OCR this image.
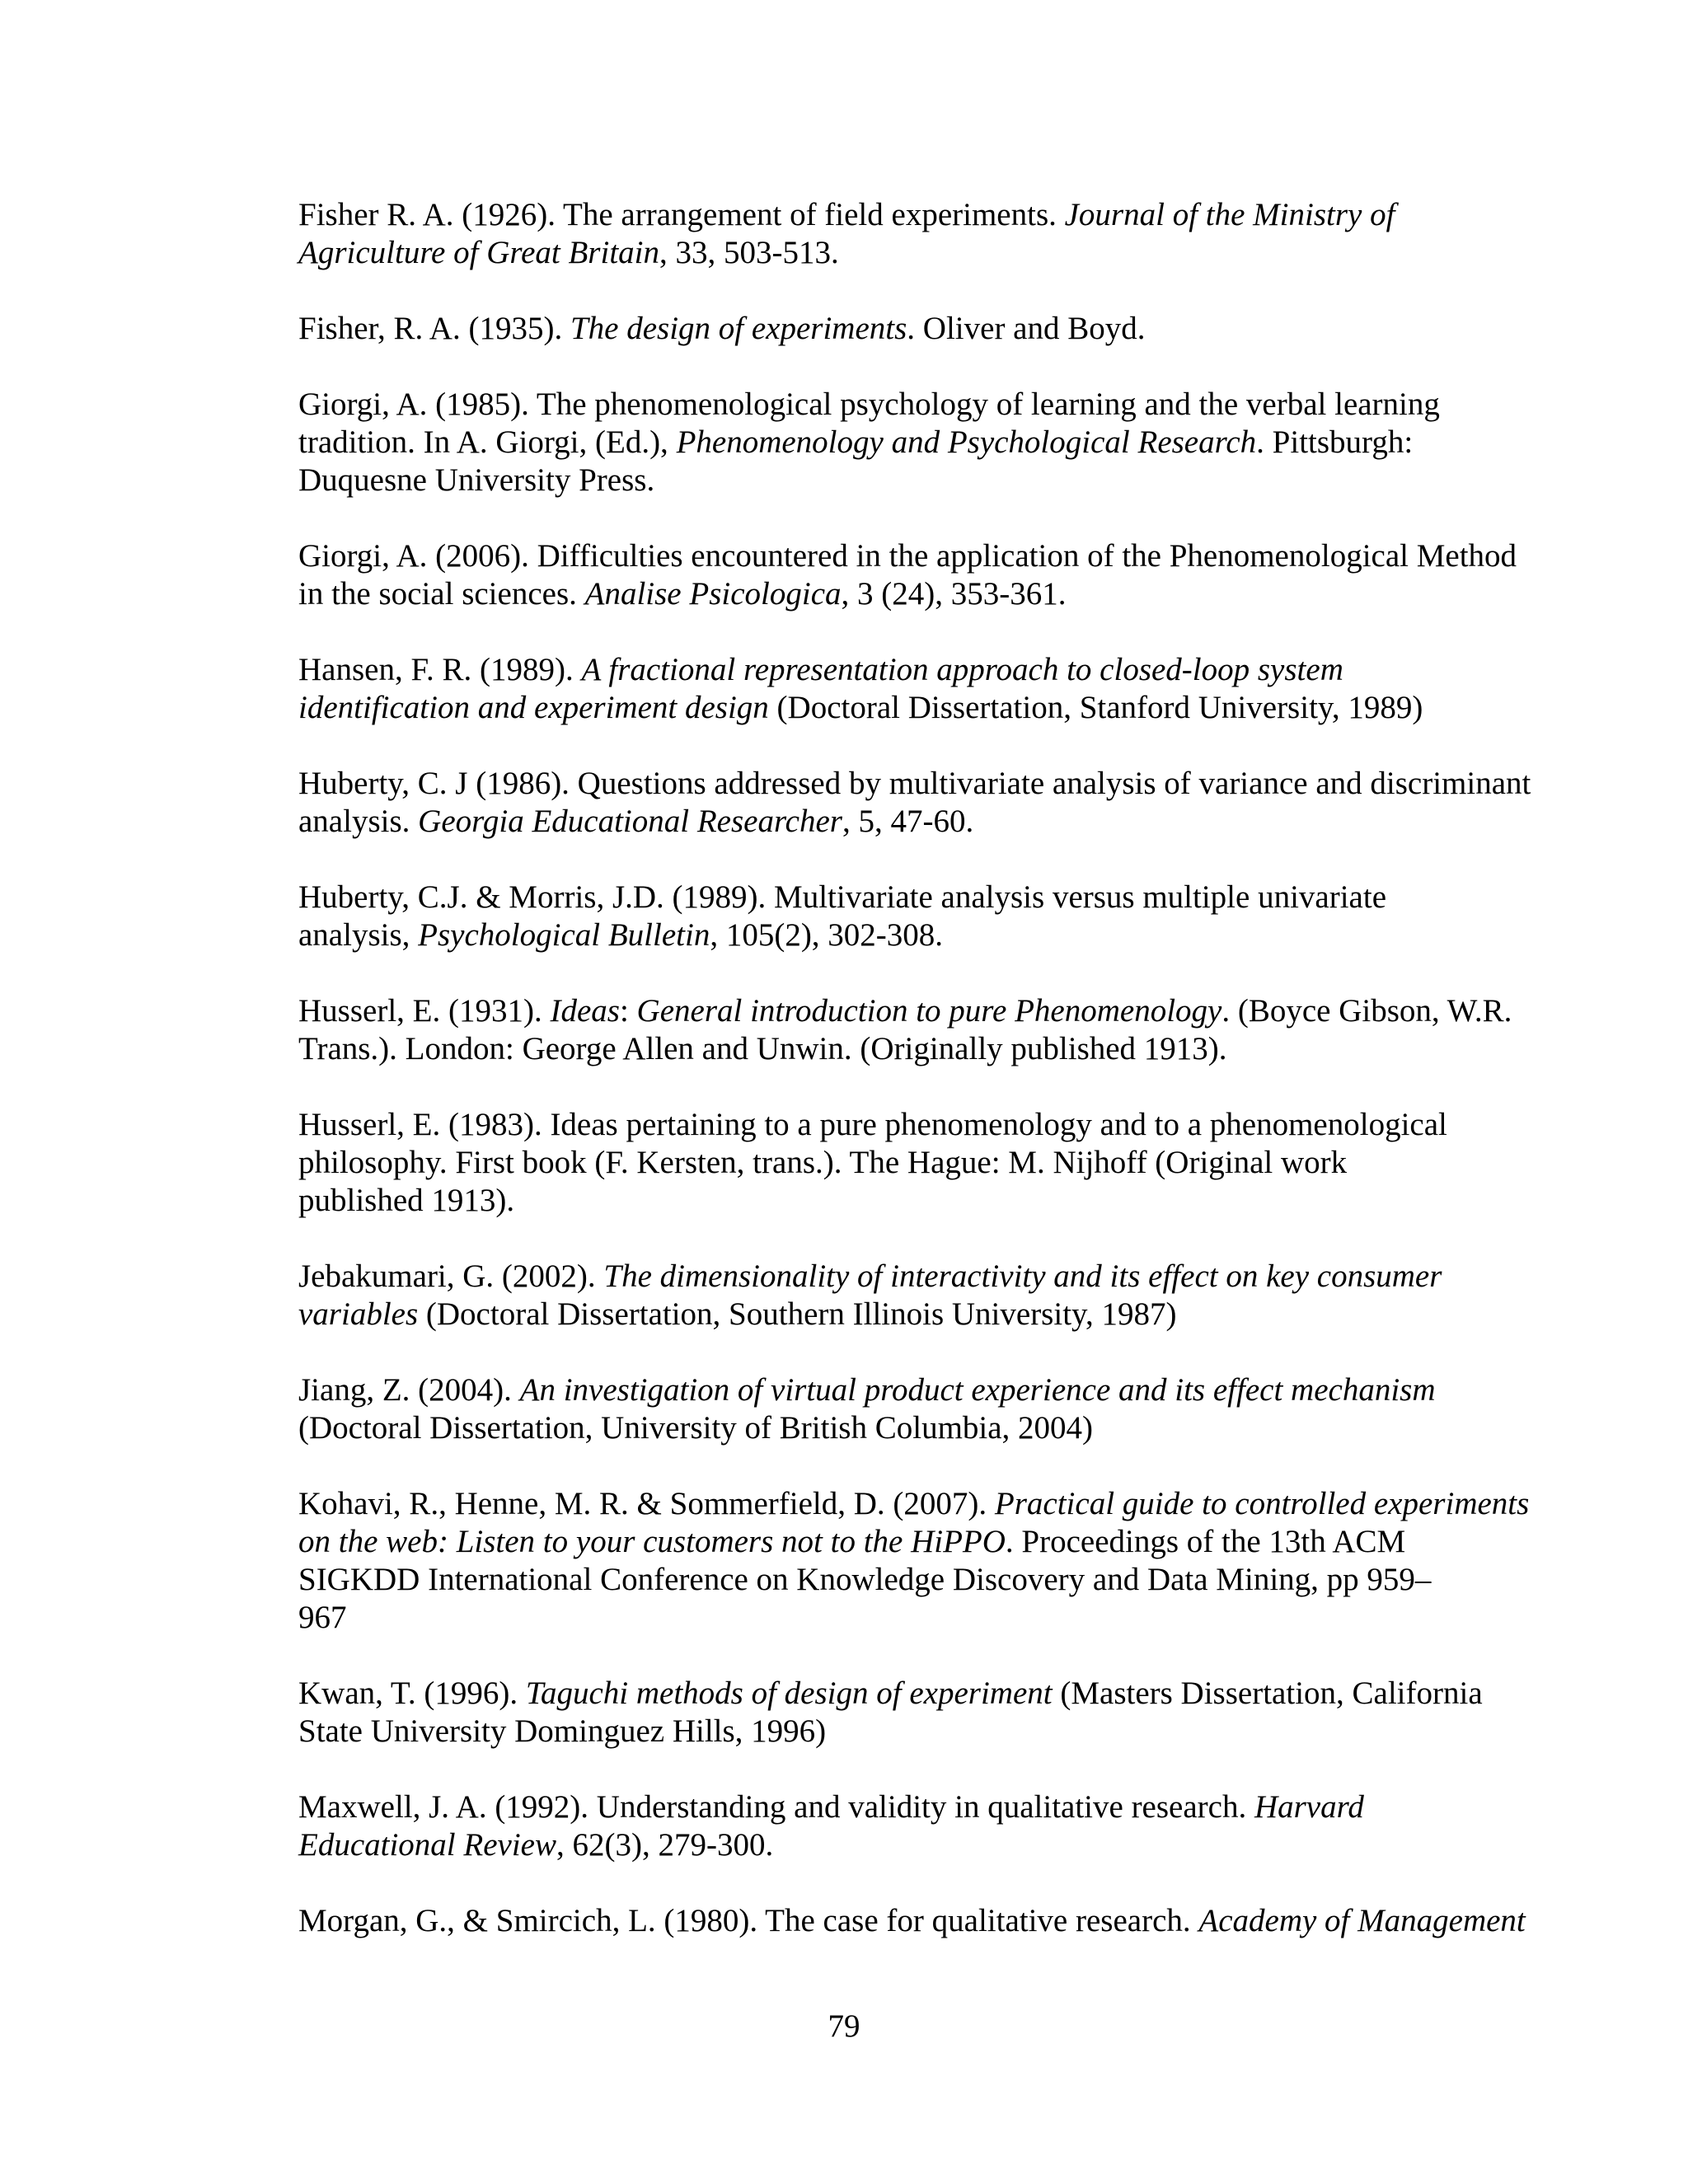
Fisher R. A. (1926). The arrangement of field experiments. Journal of the Ministry of
Agriculture of Great Britain, 33, 503-513.
Fisher, R. A. (1935). The design of experiments. Oliver and Boyd.
Giorgi, A. (1985). The phenomenological psychology of learning and the verbal learning
tradition. In A. Giorgi, (Ed.), Phenomenology and Psychological Research. Pittsburgh:
Duquesne University Press.
Giorgi, A. (2006). Difficulties encountered in the application of the Phenomenological Method
in the social sciences. Analise Psicologica, 3 (24), 353-361.
Hansen, F. R. (1989). A fractional representation approach to closed-loop system
identification and experiment design (Doctoral Dissertation, Stanford University, 1989)
Huberty, C. J (1986). Questions addressed by multivariate analysis of variance and discriminant
analysis. Georgia Educational Researcher, 5, 47-60.
Huberty, C.J. & Morris, J.D. (1989). Multivariate analysis versus multiple univariate
analysis, Psychological Bulletin, 105(2), 302-308.
Husserl, E. (1931). Ideas: General introduction to pure Phenomenology. (Boyce Gibson, W.R.
Trans.). London: George Allen and Unwin. (Originally published 1913).
Husserl, E. (1983). Ideas pertaining to a pure phenomenology and to a phenomenological
philosophy. First book (F. Kersten, trans.). The Hague: M. Nijhoff (Original work
published 1913).
Jebakumari, G. (2002). The dimensionality of interactivity and its effect on key consumer
variables (Doctoral Dissertation, Southern Illinois University, 1987)
Jiang, Z. (2004). An investigation of virtual product experience and its effect mechanism
(Doctoral Dissertation, University of British Columbia, 2004)
Kohavi, R., Henne, M. R. & Sommerfield, D. (2007). Practical guide to controlled experiments
on the web: Listen to your customers not to the HiPPO. Proceedings of the 13th ACM
SIGKDD International Conference on Knowledge Discovery and Data Mining, pp 959–
967
Kwan, T. (1996). Taguchi methods of design of experiment (Masters Dissertation, California
State University Dominguez Hills, 1996)
Maxwell, J. A. (1992). Understanding and validity in qualitative research. Harvard
Educational Review, 62(3), 279-300.
Morgan, G., & Smircich, L. (1980). The case for qualitative research. Academy of Management
79
